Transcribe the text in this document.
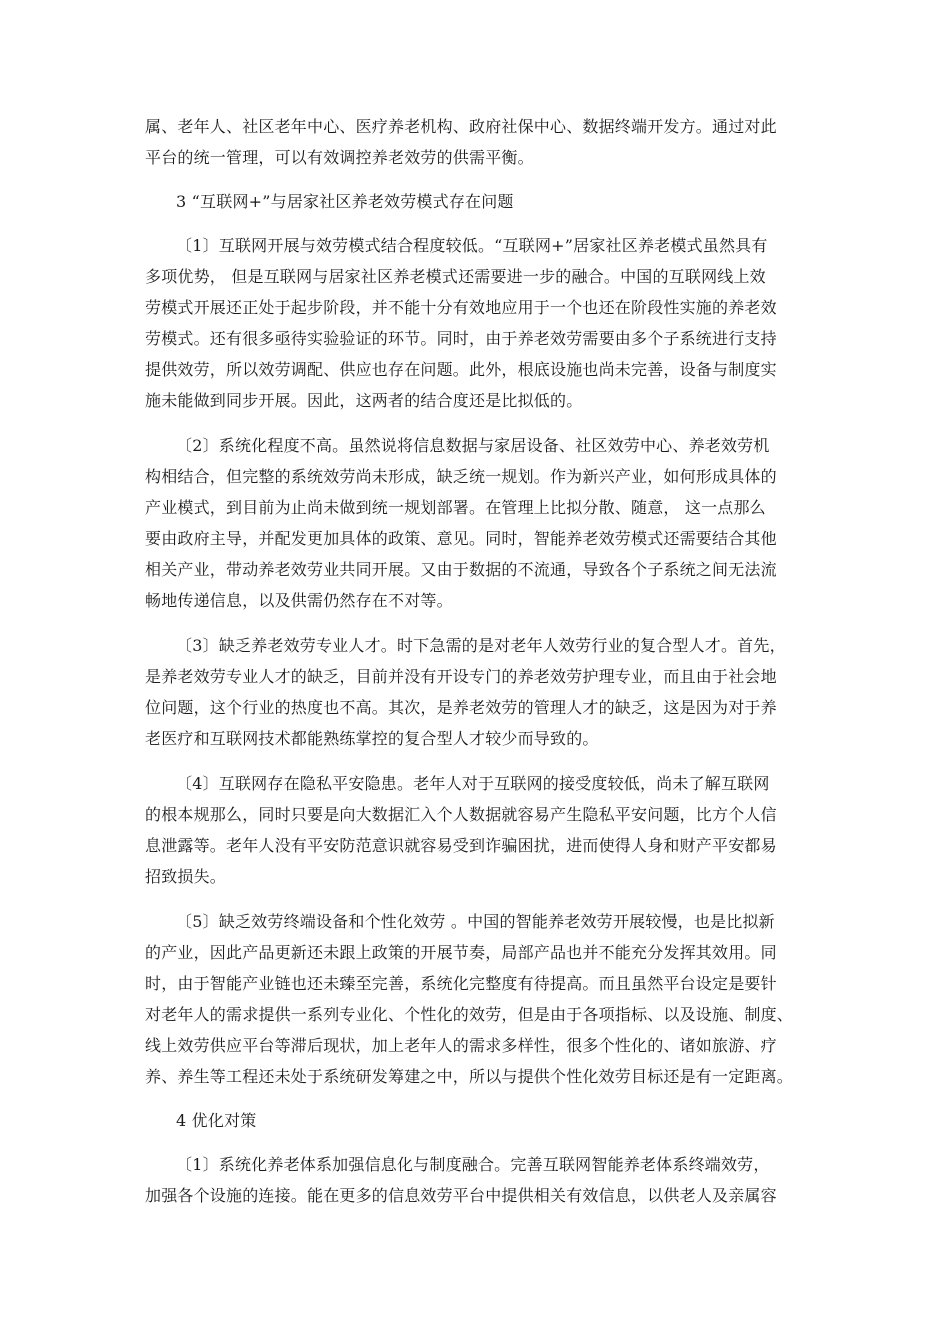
属、老年人、社区老年中心、医疗养老机构、政府社保中心、数据终端开发方。通过对此
平台的统一管理，可以有效调控养老效劳的供需平衡。
3 “互联网+”与居家社区养老效劳模式存在问题
〔1〕互联网开展与效劳模式结合程度较低。“互联网+”居家社区养老模式虽然具有
多项优势， 但是互联网与居家社区养老模式还需要进一步的融合。中国的互联网线上效
劳模式开展还正处于起步阶段，并不能十分有效地应用于一个也还在阶段性实施的养老效
劳模式。还有很多亟待实验验证的环节。同时，由于养老效劳需要由多个子系统进行支持
提供效劳，所以效劳调配、供应也存在问题。此外，根底设施也尚未完善，设备与制度实
施未能做到同步开展。因此，这两者的结合度还是比拟低的。
〔2〕系统化程度不高。虽然说将信息数据与家居设备、社区效劳中心、养老效劳机
构相结合，但完整的系统效劳尚未形成，缺乏统一规划。作为新兴产业，如何形成具体的
产业模式，到目前为止尚未做到统一规划部署。在管理上比拟分散、随意， 这一点那么
要由政府主导，并配发更加具体的政策、意见。同时，智能养老效劳模式还需要结合其他
相关产业，带动养老效劳业共同开展。又由于数据的不流通，导致各个子系统之间无法流
畅地传递信息，以及供需仍然存在不对等。
〔3〕缺乏养老效劳专业人才。时下急需的是对老年人效劳行业的复合型人才。首先，
是养老效劳专业人才的缺乏，目前并没有开设专门的养老效劳护理专业，而且由于社会地
位问题，这个行业的热度也不高。其次，是养老效劳的管理人才的缺乏，这是因为对于养
老医疗和互联网技术都能熟练掌控的复合型人才较少而导致的。
〔4〕互联网存在隐私平安隐患。老年人对于互联网的接受度较低，尚未了解互联网
的根本规那么，同时只要是向大数据汇入个人数据就容易产生隐私平安问题，比方个人信
息泄露等。老年人没有平安防范意识就容易受到诈骗困扰，进而使得人身和财产平安都易
招致损失。
〔5〕缺乏效劳终端设备和个性化效劳 。中国的智能养老效劳开展较慢，也是比拟新
的产业，因此产品更新还未跟上政策的开展节奏，局部产品也并不能充分发挥其效用。同
时，由于智能产业链也还未臻至完善，系统化完整度有待提高。而且虽然平台设定是要针
对老年人的需求提供一系列专业化、个性化的效劳，但是由于各项指标、以及设施、制度、
线上效劳供应平台等滞后现状，加上老年人的需求多样性，很多个性化的、诸如旅游、疗
养、养生等工程还未处于系统研发筹建之中，所以与提供个性化效劳目标还是有一定距离。
4 优化对策
〔1〕系统化养老体系加强信息化与制度融合。完善互联网智能养老体系终端效劳，
加强各个设施的连接。能在更多的信息效劳平台中提供相关有效信息，以供老人及亲属容
